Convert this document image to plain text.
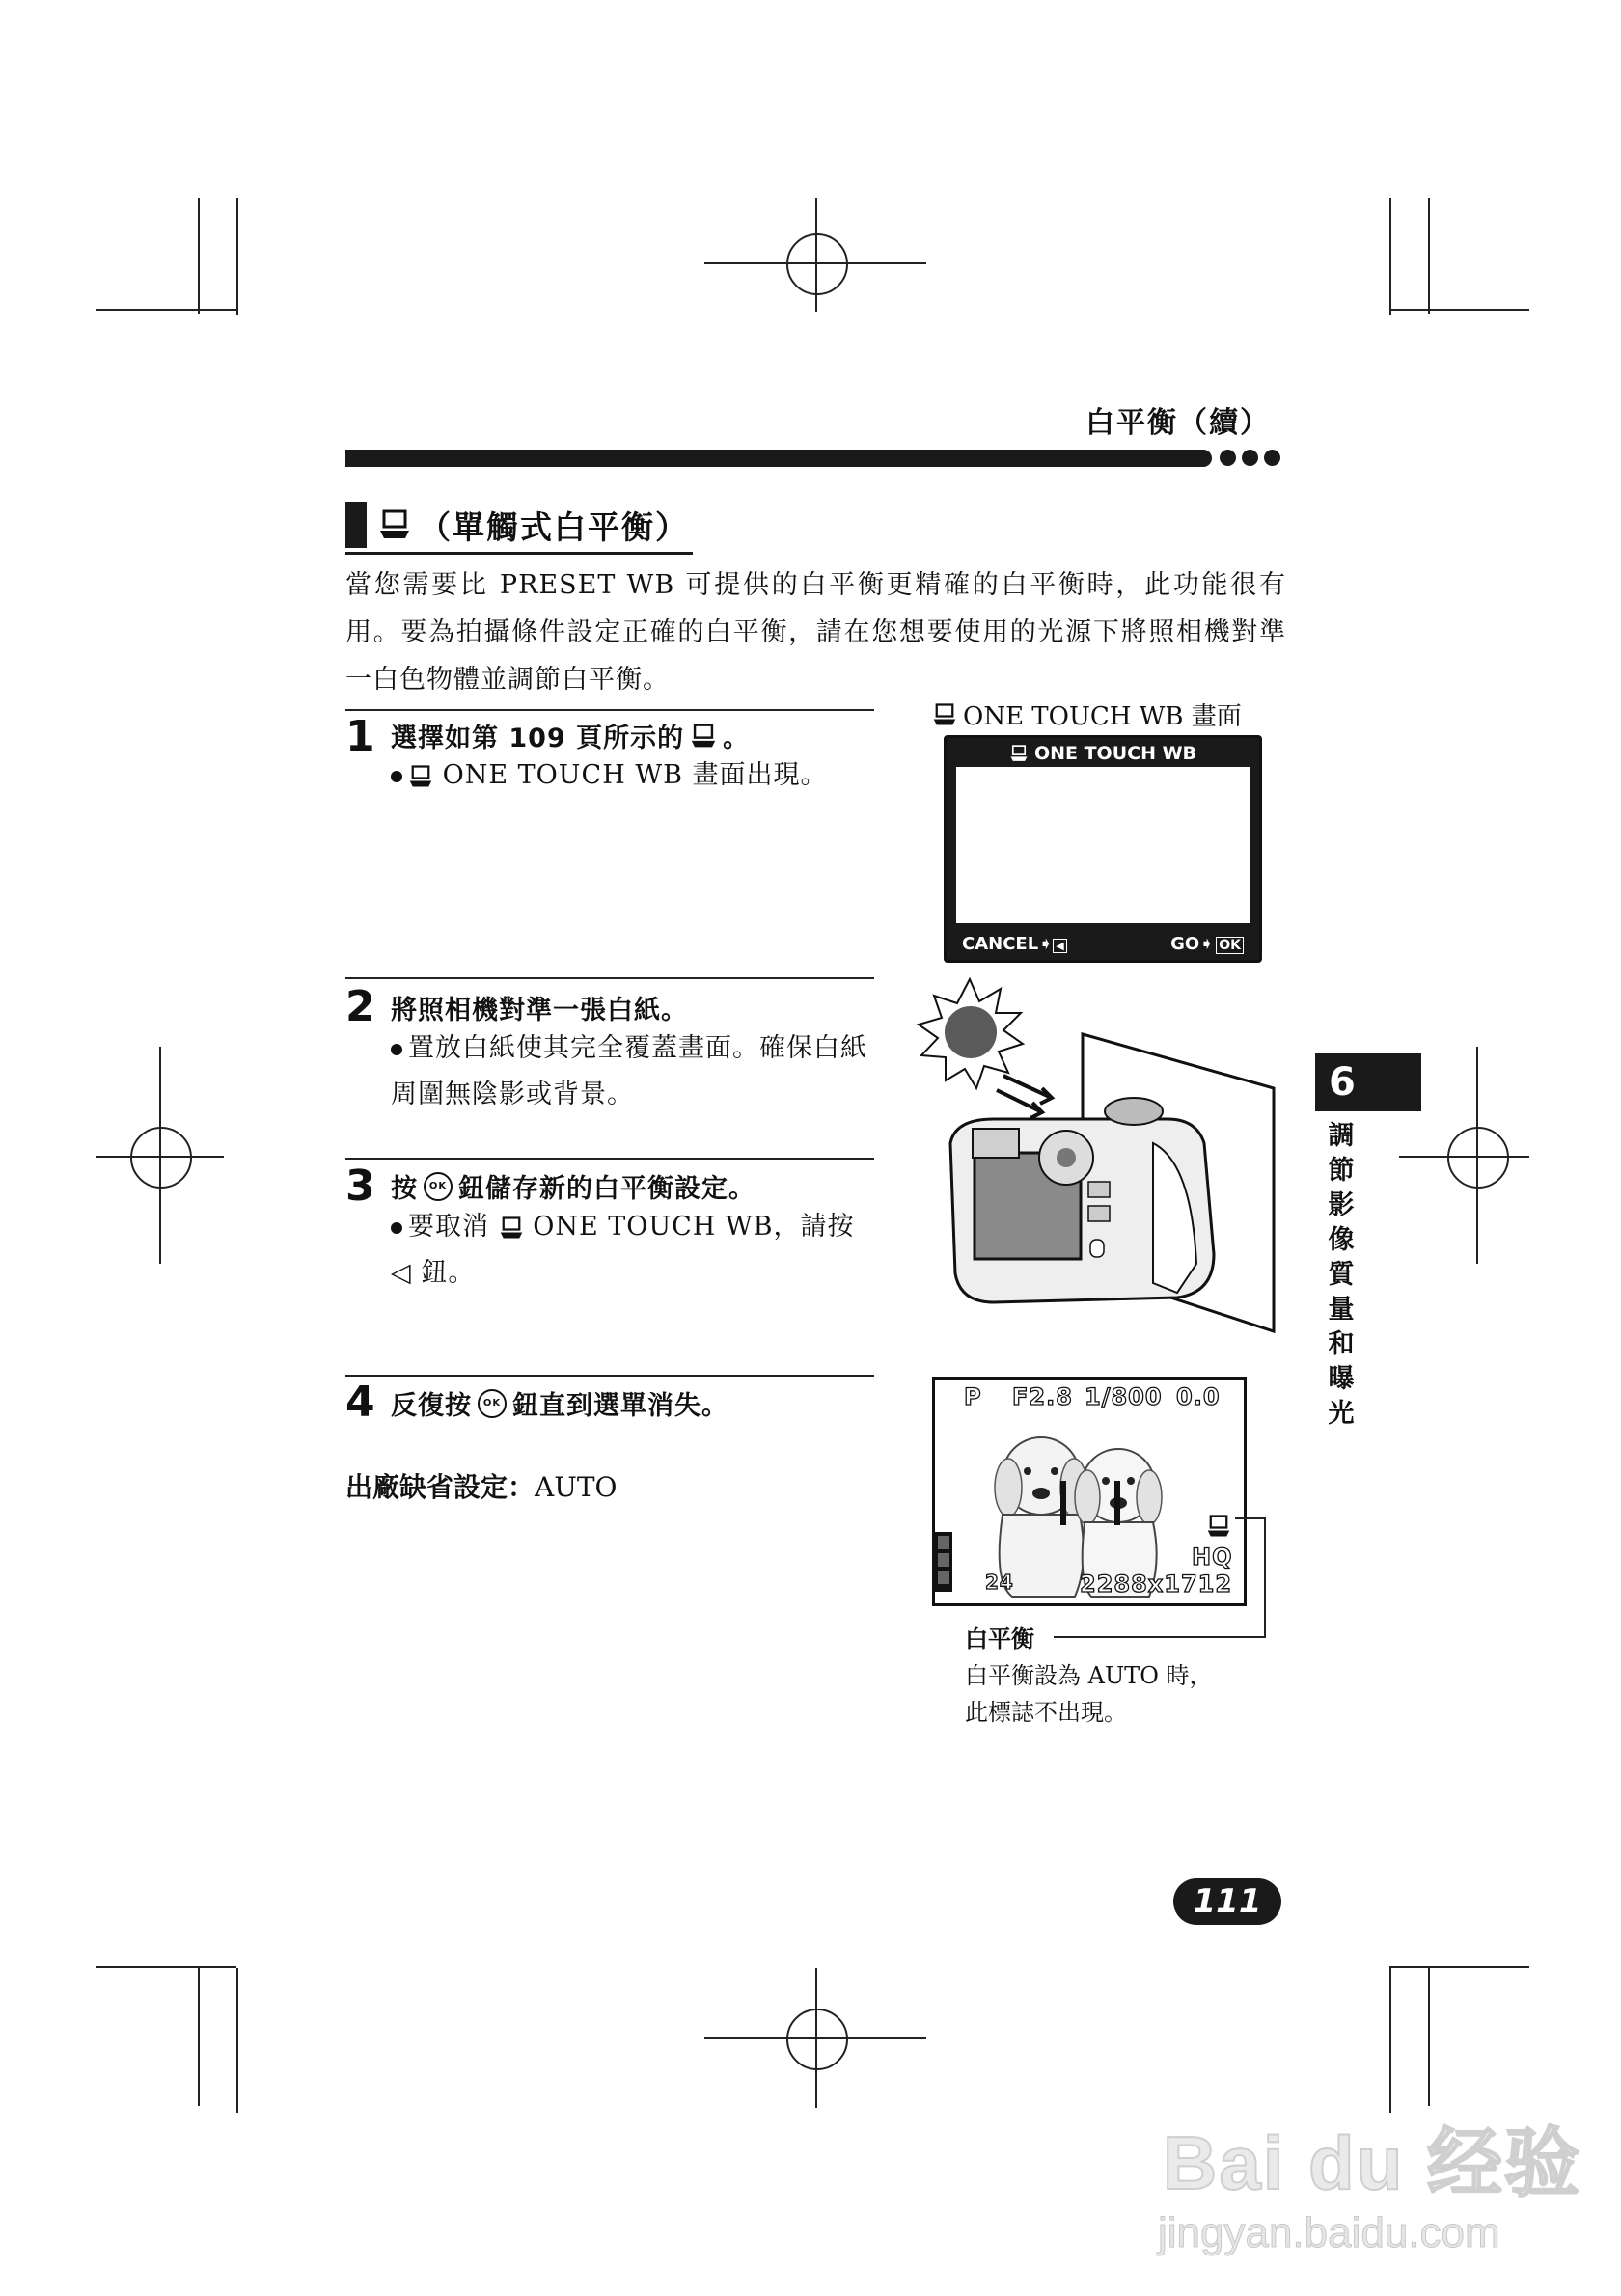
白平衡（續）
（單觸式白平衡）
當您需要比 PRESET WB 可提供的白平衡更精確的白平衡時，此功能很有用。要為拍攝條件設定正確的白平衡，請在您想要使用的光源下將照相機對準一白色物體並調節白平衡。
1 選擇如第 109 頁所示的 。
ONE TOUCH WB 畫面出現。
2 將照相機對準一張白紙。
置放白紙使其完全覆蓋畫面。確保白紙周圍無陰影或背景。
3 按	OK 鈕儲存新的白平衡設定。
要取消 ONE TOUCH WB，請按 ◁ 鈕。
4 反復按	OK 鈕直到選單消失。
出廠缺省設定：AUTO
ONE TOUCH WB 畫面
ONE TOUCH WB
CANCEL➧ ◀	GO➧ OK
P F2.8 1/800 0.0
HQ
24	2288x1712
白平衡
白平衡設為 AUTO 時，
此標誌不出現。
6
調節影像質量和曝光
111
Bai du 经验
jingyan.baidu.com
